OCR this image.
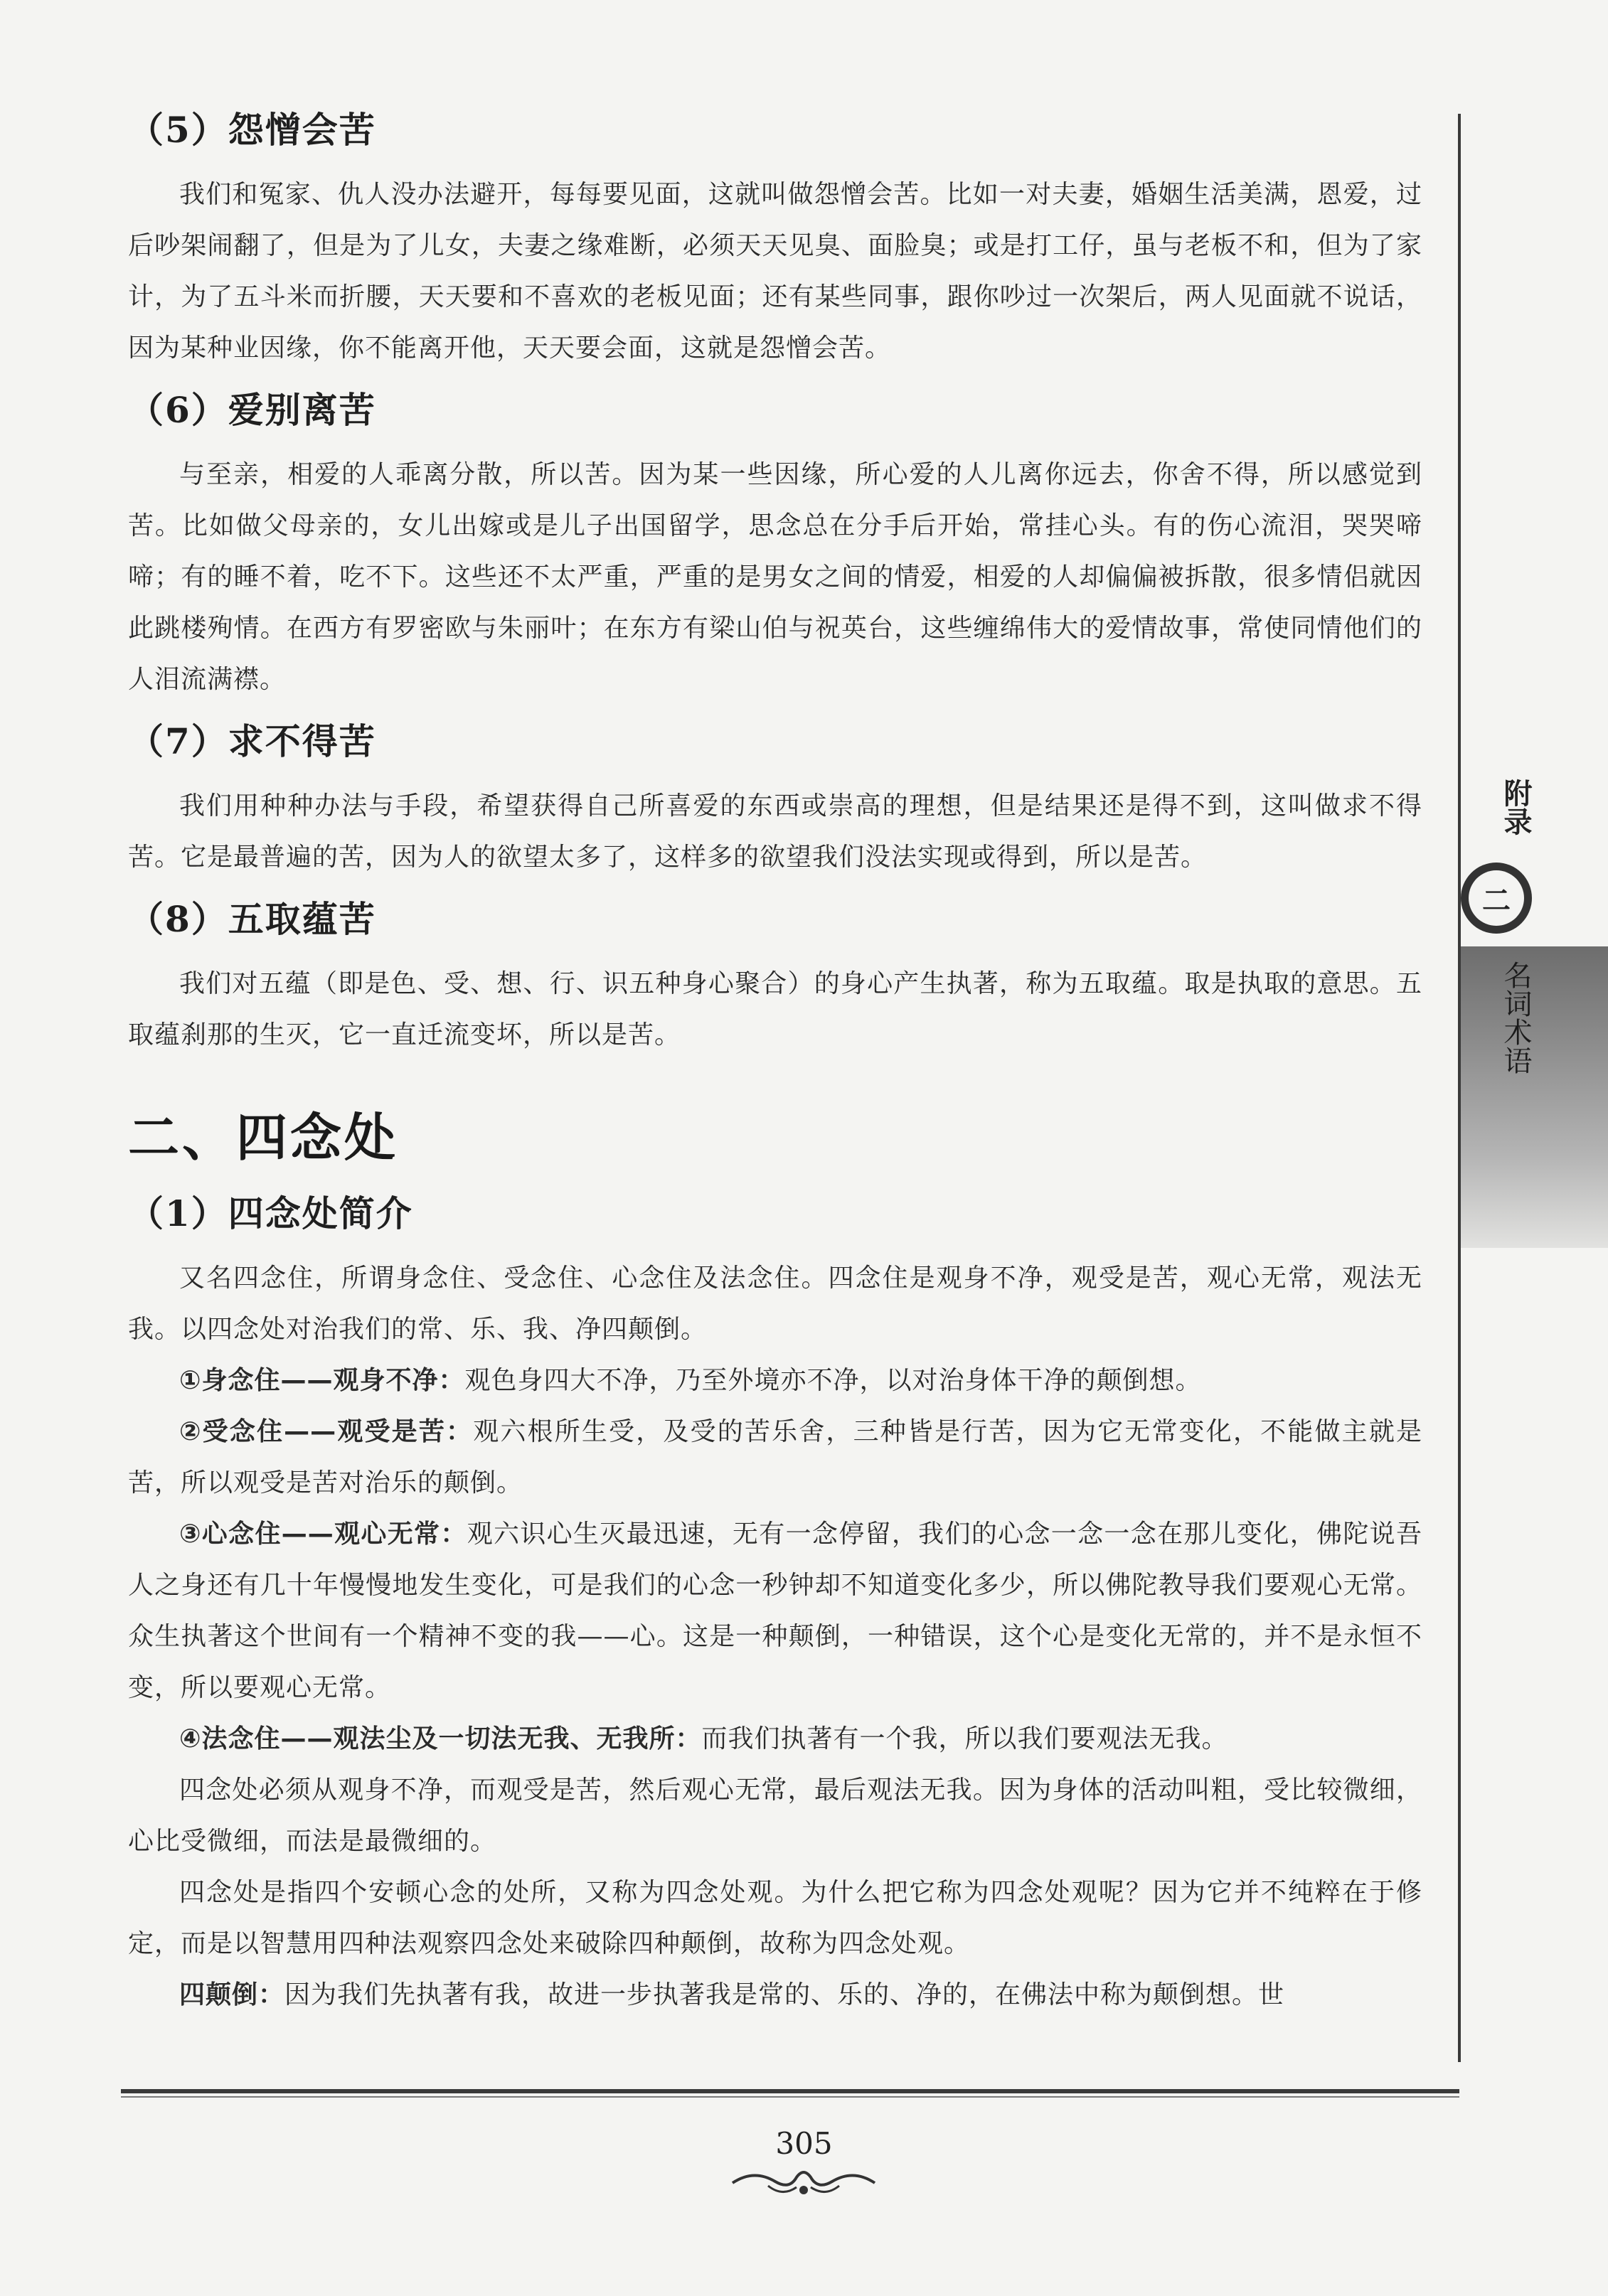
（5）怨憎会苦

我们和冤家、仇人没办法避开，每每要见面，这就叫做怨憎会苦。比如一对夫妻，婚姻生活美满，恩爱，过后吵架闹翻了，但是为了儿女，夫妻之缘难断，必须天天见臭、面脸臭；或是打工仔，虽与老板不和，但为了家计，为了五斗米而折腰，天天要和不喜欢的老板见面；还有某些同事，跟你吵过一次架后，两人见面就不说话，因为某种业因缘，你不能离开他，天天要会面，这就是怨憎会苦。

（6）爱别离苦

与至亲，相爱的人乖离分散，所以苦。因为某一些因缘，所心爱的人儿离你远去，你舍不得，所以感觉到苦。比如做父母亲的，女儿出嫁或是儿子出国留学，思念总在分手后开始，常挂心头。有的伤心流泪，哭哭啼啼；有的睡不着，吃不下。这些还不太严重，严重的是男女之间的情爱，相爱的人却偏偏被拆散，很多情侣就因此跳楼殉情。在西方有罗密欧与朱丽叶；在东方有梁山伯与祝英台，这些缠绵伟大的爱情故事，常使同情他们的人泪流满襟。

（7）求不得苦

我们用种种办法与手段，希望获得自己所喜爱的东西或崇高的理想，但是结果还是得不到，这叫做求不得苦。它是最普遍的苦，因为人的欲望太多了，这样多的欲望我们没法实现或得到，所以是苦。

（8）五取蕴苦

我们对五蕴（即是色、受、想、行、识五种身心聚合）的身心产生执著，称为五取蕴。取是执取的意思。五取蕴刹那的生灭，它一直迁流变坏，所以是苦。

二、四念处
（1）四念处简介

又名四念住，所谓身念住、受念住、心念住及法念住。四念住是观身不净，观受是苦，观心无常，观法无我。以四念处对治我们的常、乐、我、净四颠倒。

①身念住——观身不净：观色身四大不净，乃至外境亦不净，以对治身体干净的颠倒想。

②受念住——观受是苦：观六根所生受，及受的苦乐舍，三种皆是行苦，因为它无常变化，不能做主就是苦，所以观受是苦对治乐的颠倒。

③心念住——观心无常：观六识心生灭最迅速，无有一念停留，我们的心念一念一念在那儿变化，佛陀说吾人之身还有几十年慢慢地发生变化，可是我们的心念一秒钟却不知道变化多少，所以佛陀教导我们要观心无常。众生执著这个世间有一个精神不变的我——心。这是一种颠倒，一种错误，这个心是变化无常的，并不是永恒不变，所以要观心无常。

④法念住——观法尘及一切法无我、无我所：而我们执著有一个我，所以我们要观法无我。

四念处必须从观身不净，而观受是苦，然后观心无常，最后观法无我。因为身体的活动叫粗，受比较微细，心比受微细，而法是最微细的。

四念处是指四个安顿心念的处所，又称为四念处观。为什么把它称为四念处观呢？因为它并不纯粹在于修定，而是以智慧用四种法观察四念处来破除四种颠倒，故称为四念处观。

四颠倒：因为我们先执著有我，故进一步执著我是常的、乐的、净的，在佛法中称为颠倒想。世

附录
二
名词术语
305
